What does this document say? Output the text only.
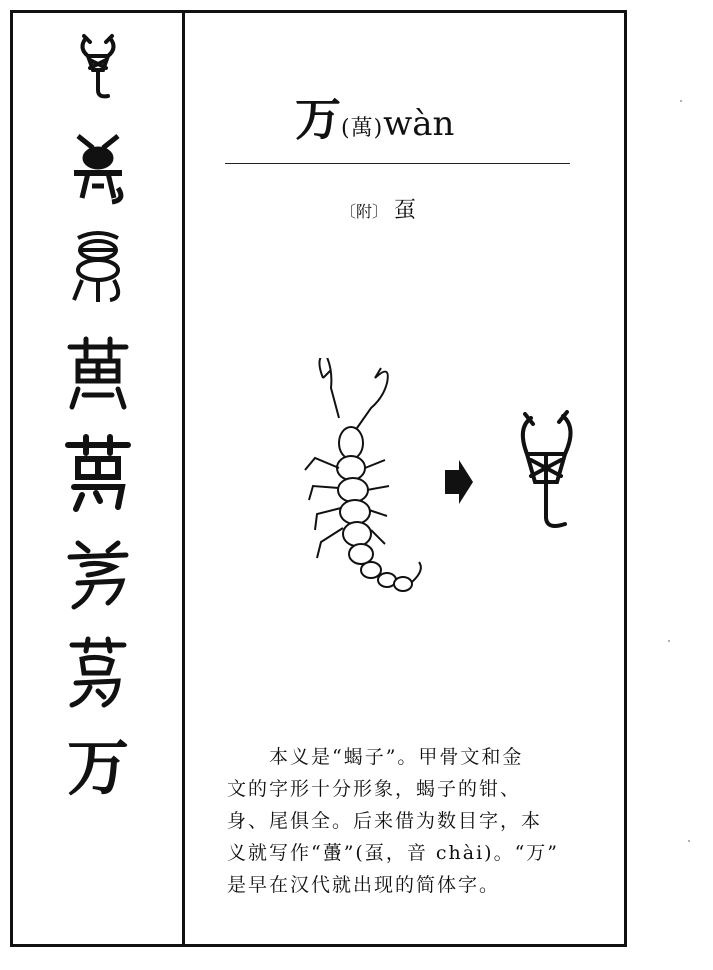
万
万(萬)wàn
〔附〕 虿
本义是“蝎子”。甲骨文和金
文的字形十分形象，蝎子的钳、
身、尾俱全。后来借为数目字，本
义就写作“蠆”(虿，音 chài)。“万”
是早在汉代就出现的简体字。
